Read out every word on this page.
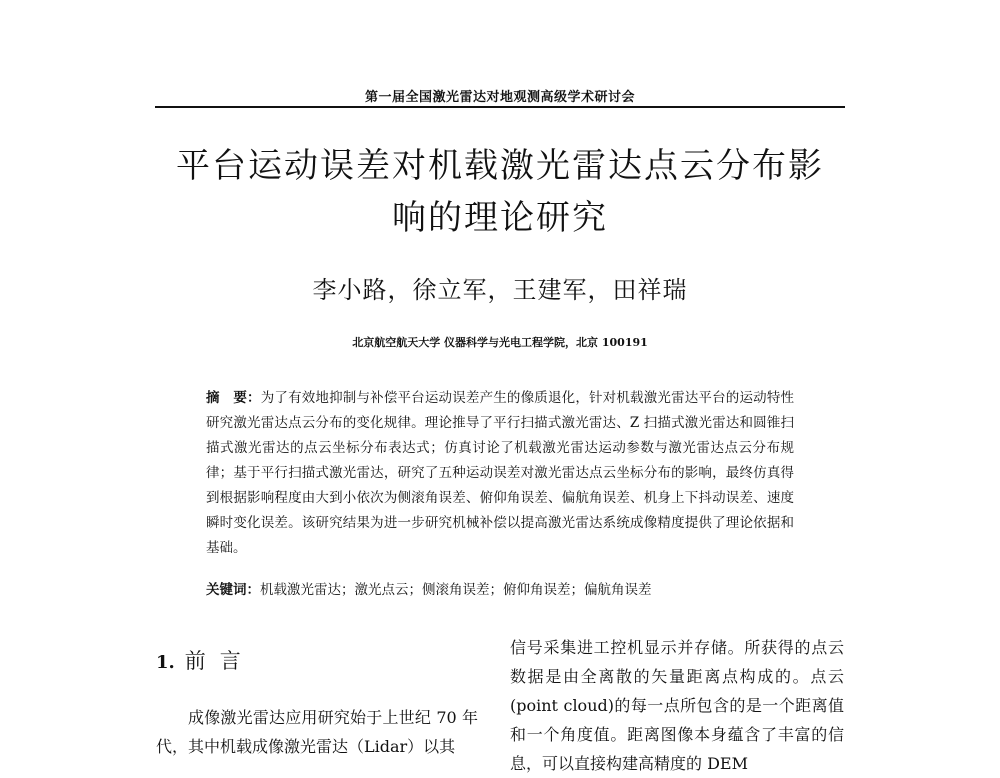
第一届全国激光雷达对地观测高级学术研讨会
平台运动误差对机载激光雷达点云分布影
响的理论研究
李小路，徐立军，王建军，田祥瑞
北京航空航天大学 仪器科学与光电工程学院，北京 100191
摘　要：为了有效地抑制与补偿平台运动误差产生的像质退化，针对机载激光雷达平台的运动特性研究激光雷达点云分布的变化规律。理论推导了平行扫描式激光雷达、Z 扫描式激光雷达和圆锥扫描式激光雷达的点云坐标分布表达式；仿真讨论了机载激光雷达运动参数与激光雷达点云分布规律；基于平行扫描式激光雷达，研究了五种运动误差对激光雷达点云坐标分布的影响，最终仿真得到根据影响程度由大到小依次为侧滚角误差、俯仰角误差、偏航角误差、机身上下抖动误差、速度瞬时变化误差。该研究结果为进一步研究机械补偿以提高激光雷达系统成像精度提供了理论依据和基础。
关键词：机载激光雷达；激光点云；侧滚角误差；俯仰角误差；偏航角误差
1. 前言
成像激光雷达应用研究始于上世纪 70 年代，其中机载成像激光雷达（Lidar）以其
信号采集进工控机显示并存储。所获得的点云数据是由全离散的矢量距离点构成的。点云(point cloud)的每一点所包含的是一个距离值和一个角度值。距离图像本身蕴含了丰富的信息，可以直接构建高精度的 DEM
